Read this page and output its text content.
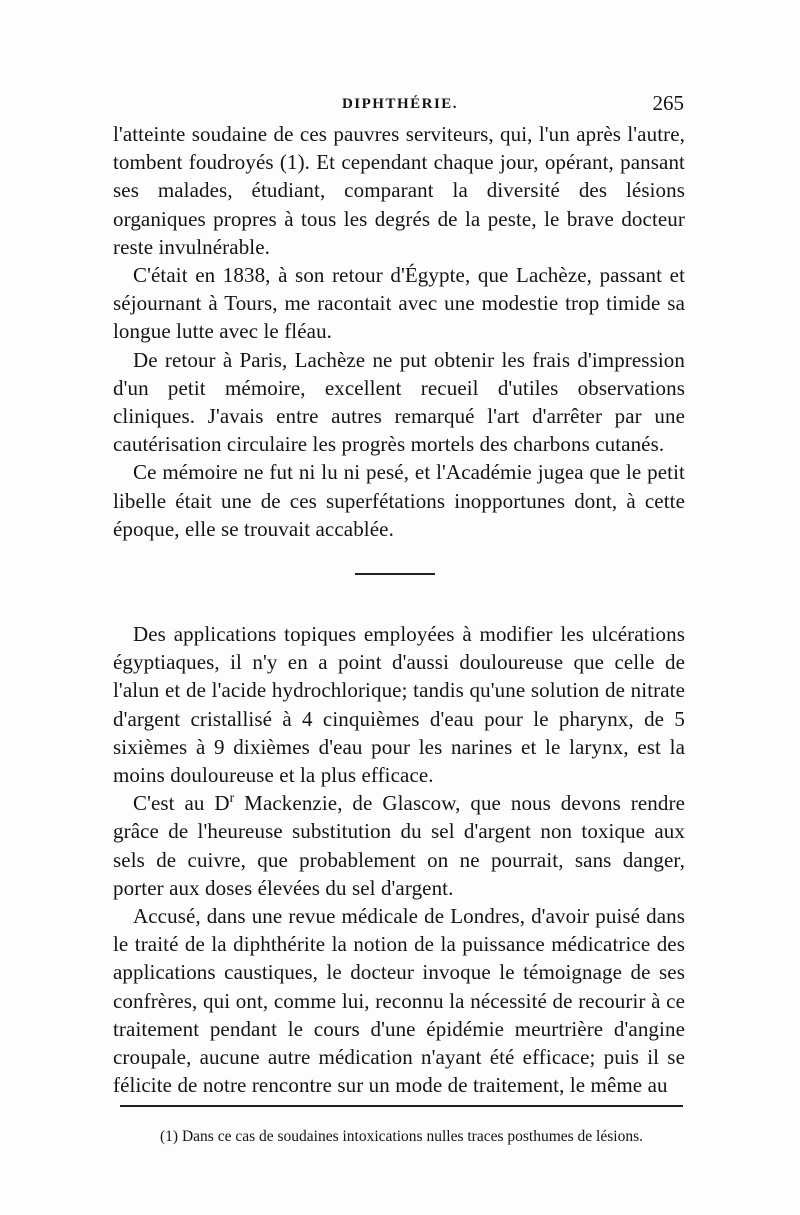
DIPHTHÉRIE.	265

l'atteinte soudaine de ces pauvres serviteurs, qui, l'un après l'autre, tombent foudroyés (1). Et cependant chaque jour, opérant, pansant ses malades, étudiant, comparant la diversité des lésions organiques propres à tous les degrés de la peste, le brave docteur reste invulnérable.

C'était en 1838, à son retour d'Égypte, que Lachèze, passant et séjournant à Tours, me racontait avec une modestie trop timide sa longue lutte avec le fléau.

De retour à Paris, Lachèze ne put obtenir les frais d'impression d'un petit mémoire, excellent recueil d'utiles observations cliniques. J'avais entre autres remarqué l'art d'arrêter par une cautérisation circulaire les progrès mortels des charbons cutanés.

Ce mémoire ne fut ni lu ni pesé, et l'Académie jugea que le petit libelle était une de ces superfétations inopportunes dont, à cette époque, elle se trouvait accablée.

Des applications topiques employées à modifier les ulcérations égyptiaques, il n'y en a point d'aussi douloureuse que celle de l'alun et de l'acide hydrochlorique; tandis qu'une solution de nitrate d'argent cristallisé à 4 cinquièmes d'eau pour le pharynx, de 5 sixièmes à 9 dixièmes d'eau pour les narines et le larynx, est la moins douloureuse et la plus efficace.

C'est au $D^r$ Mackenzie, de Glascow, que nous devons rendre grâce de l'heureuse substitution du sel d'argent non toxique aux sels de cuivre, que probablement on ne pourrait, sans danger, porter aux doses élevées du sel d'argent.

Accusé, dans une revue médicale de Londres, d'avoir puisé dans le traité de la diphthérite la notion de la puissance médicatrice des applications caustiques, le docteur invoque le témoignage de ses confrères, qui ont, comme lui, reconnu la nécessité de recourir à ce traitement pendant le cours d'une épidémie meurtrière d'angine croupale, aucune autre médication n'ayant été efficace; puis il se félicite de notre rencontre sur un mode de traitement, le même au

(1) Dans ce cas de soudaines intoxications nulles traces posthumes de lésions.
